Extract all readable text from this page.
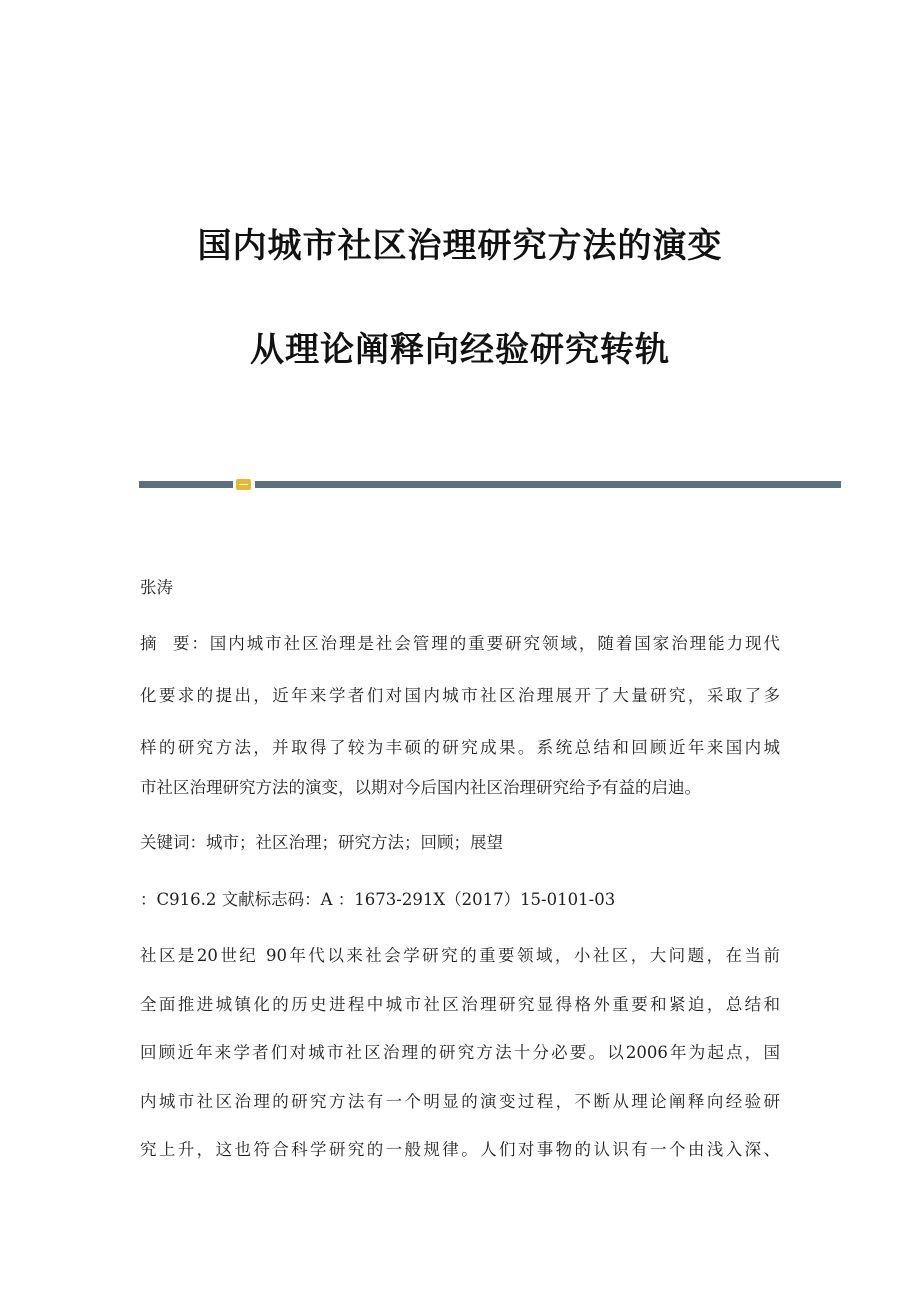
国内城市社区治理研究方法的演变
从理论阐释向经验研究转轨
张涛
摘  要：国内城市社区治理是社会管理的重要研究领域，随着国家治理能力现代
化要求的提出，近年来学者们对国内城市社区治理展开了大量研究，采取了多
样的研究方法，并取得了较为丰硕的研究成果。系统总结和回顾近年来国内城
市社区治理研究方法的演变，以期对今后国内社区治理研究给予有益的启迪。
关键词：城市；社区治理；研究方法；回顾；展望
：C916.2 文献标志码：A ：1673-291X（2017）15-0101-03
社区是20世纪 90年代以来社会学研究的重要领域，小社区，大问题，在当前
全面推进城镇化的历史进程中城市社区治理研究显得格外重要和紧迫，总结和
回顾近年来学者们对城市社区治理的研究方法十分必要。以2006年为起点，国
内城市社区治理的研究方法有一个明显的演变过程，不断从理论阐释向经验研
究上升，这也符合科学研究的一般规律。人们对事物的认识有一个由浅入深、
